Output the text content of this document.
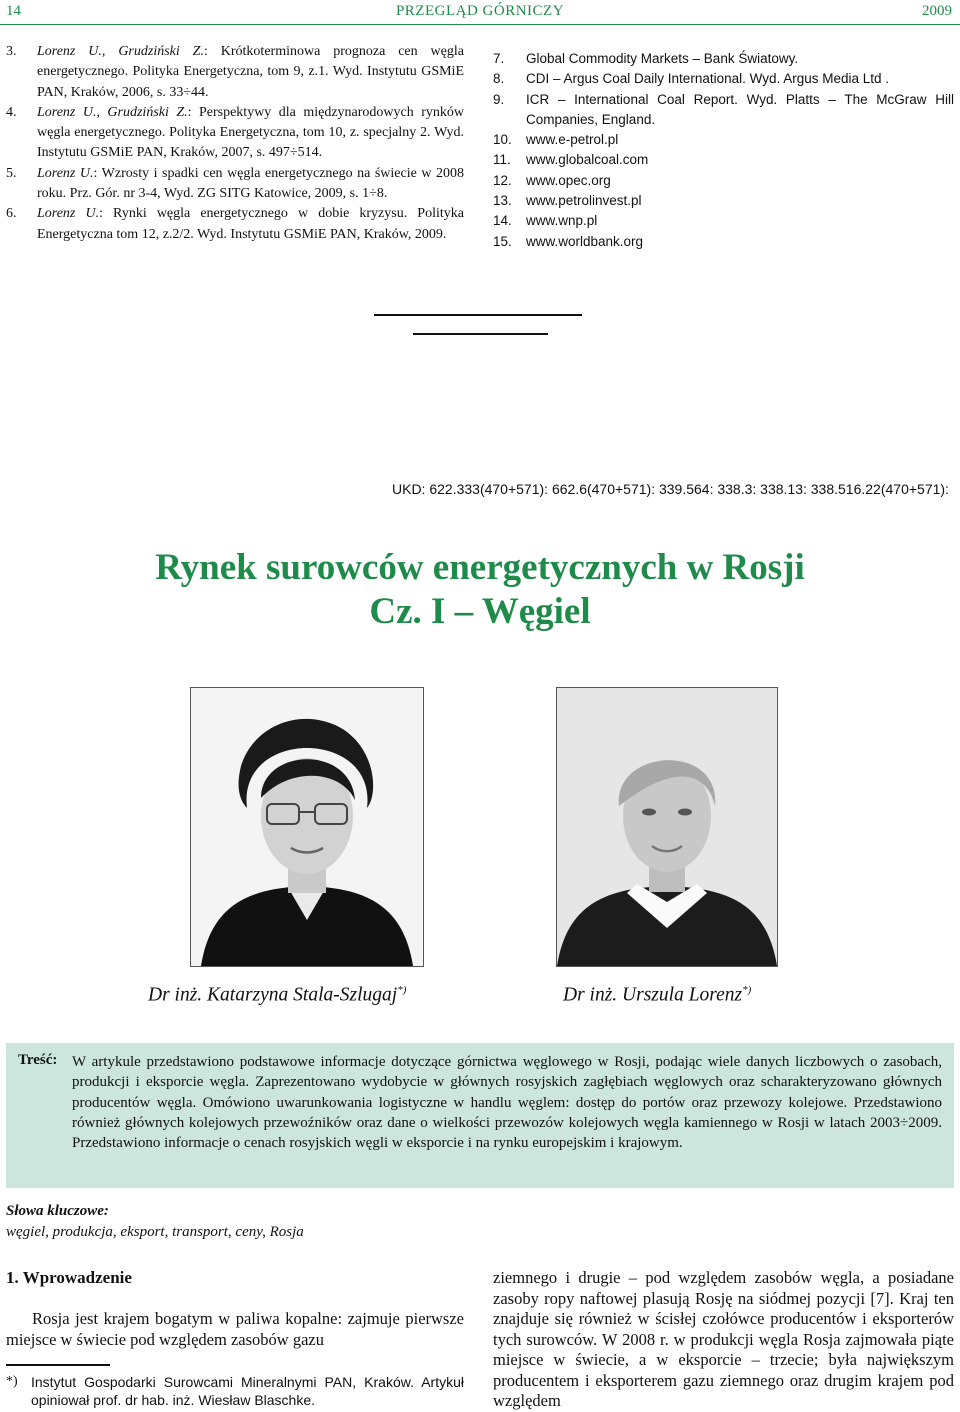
14	PRZEGLĄD GÓRNICZY	2009
3.	Lorenz U., Grudziński Z.: Krótkoterminowa prognoza cen węgla energetycznego. Polityka Energetyczna, tom 9, z.1. Wyd. Instytutu GSMiE PAN, Kraków, 2006, s. 33÷44.
4.	Lorenz U., Grudziński Z.: Perspektywy dla międzynarodowych rynków węgla energetycznego. Polityka Energetyczna, tom 10, z. specjalny 2. Wyd. Instytutu GSMiE PAN, Kraków, 2007, s. 497÷514.
5.	Lorenz U.: Wzrosty i spadki cen węgla energetycznego na świecie w 2008 roku. Prz. Gór. nr 3-4, Wyd. ZG SITG Katowice, 2009, s. 1÷8.
6.	Lorenz U.: Rynki węgla energetycznego w dobie kryzysu. Polityka Energetyczna tom 12, z.2/2. Wyd. Instytutu GSMiE PAN, Kraków, 2009.
7.	Global Commodity Markets – Bank Światowy.
8.	CDI – Argus Coal Daily International. Wyd. Argus Media Ltd .
9.	ICR – International Coal Report. Wyd. Platts – The McGraw Hill Companies, England.
10.	www.e-petrol.pl
11.	www.globalcoal.com
12.	www.opec.org
13.	www.petrolinvest.pl
14.	www.wnp.pl
15.	www.worldbank.org
UKD: 622.333(470+571): 662.6(470+571): 339.564: 338.3: 338.13: 338.516.22(470+571):
Rynek surowców energetycznych w Rosji
Cz. I – Węgiel
Dr inż. Katarzyna Stala-Szlugaj*)	Dr inż. Urszula Lorenz*)
Treść: W artykule przedstawiono podstawowe informacje dotyczące górnictwa węglowego w Rosji, podając wiele danych liczbowych o zasobach, produkcji i eksporcie węgla. Zaprezentowano wydobycie w głównych rosyjskich zagłębiach węglowych oraz scharakteryzowano głównych producentów węgla. Omówiono uwarunkowania logistyczne w handlu węglem: dostęp do portów oraz przewozy kolejowe. Przedstawiono również głównych kolejowych przewoźników oraz dane o wielkości przewozów kolejowych węgla kamiennego w Rosji w latach 2003÷2009. Przedstawiono informacje o cenach rosyjskich węgli w eksporcie i na rynku europejskim i krajowym.
Słowa kluczowe:
węgiel, produkcja, eksport, transport, ceny, Rosja
1. Wprowadzenie
Rosja jest krajem bogatym w paliwa kopalne: zajmuje pierwsze miejsce w świecie pod względem zasobów gazu
ziemnego i drugie – pod względem zasobów węgla, a posiadane zasoby ropy naftowej plasują Rosję na siódmej pozycji [7]. Kraj ten znajduje się również w ścisłej czołówce producentów i eksporterów tych surowców. W 2008 r. w produkcji węgla Rosja zajmowała piąte miejsce w świecie, a w eksporcie – trzecie; była największym producentem i eksporterem gazu ziemnego oraz drugim krajem pod względem
*) Instytut Gospodarki Surowcami Mineralnymi PAN, Kraków. Artykuł opiniował prof. dr hab. inż. Wiesław Blaschke.
